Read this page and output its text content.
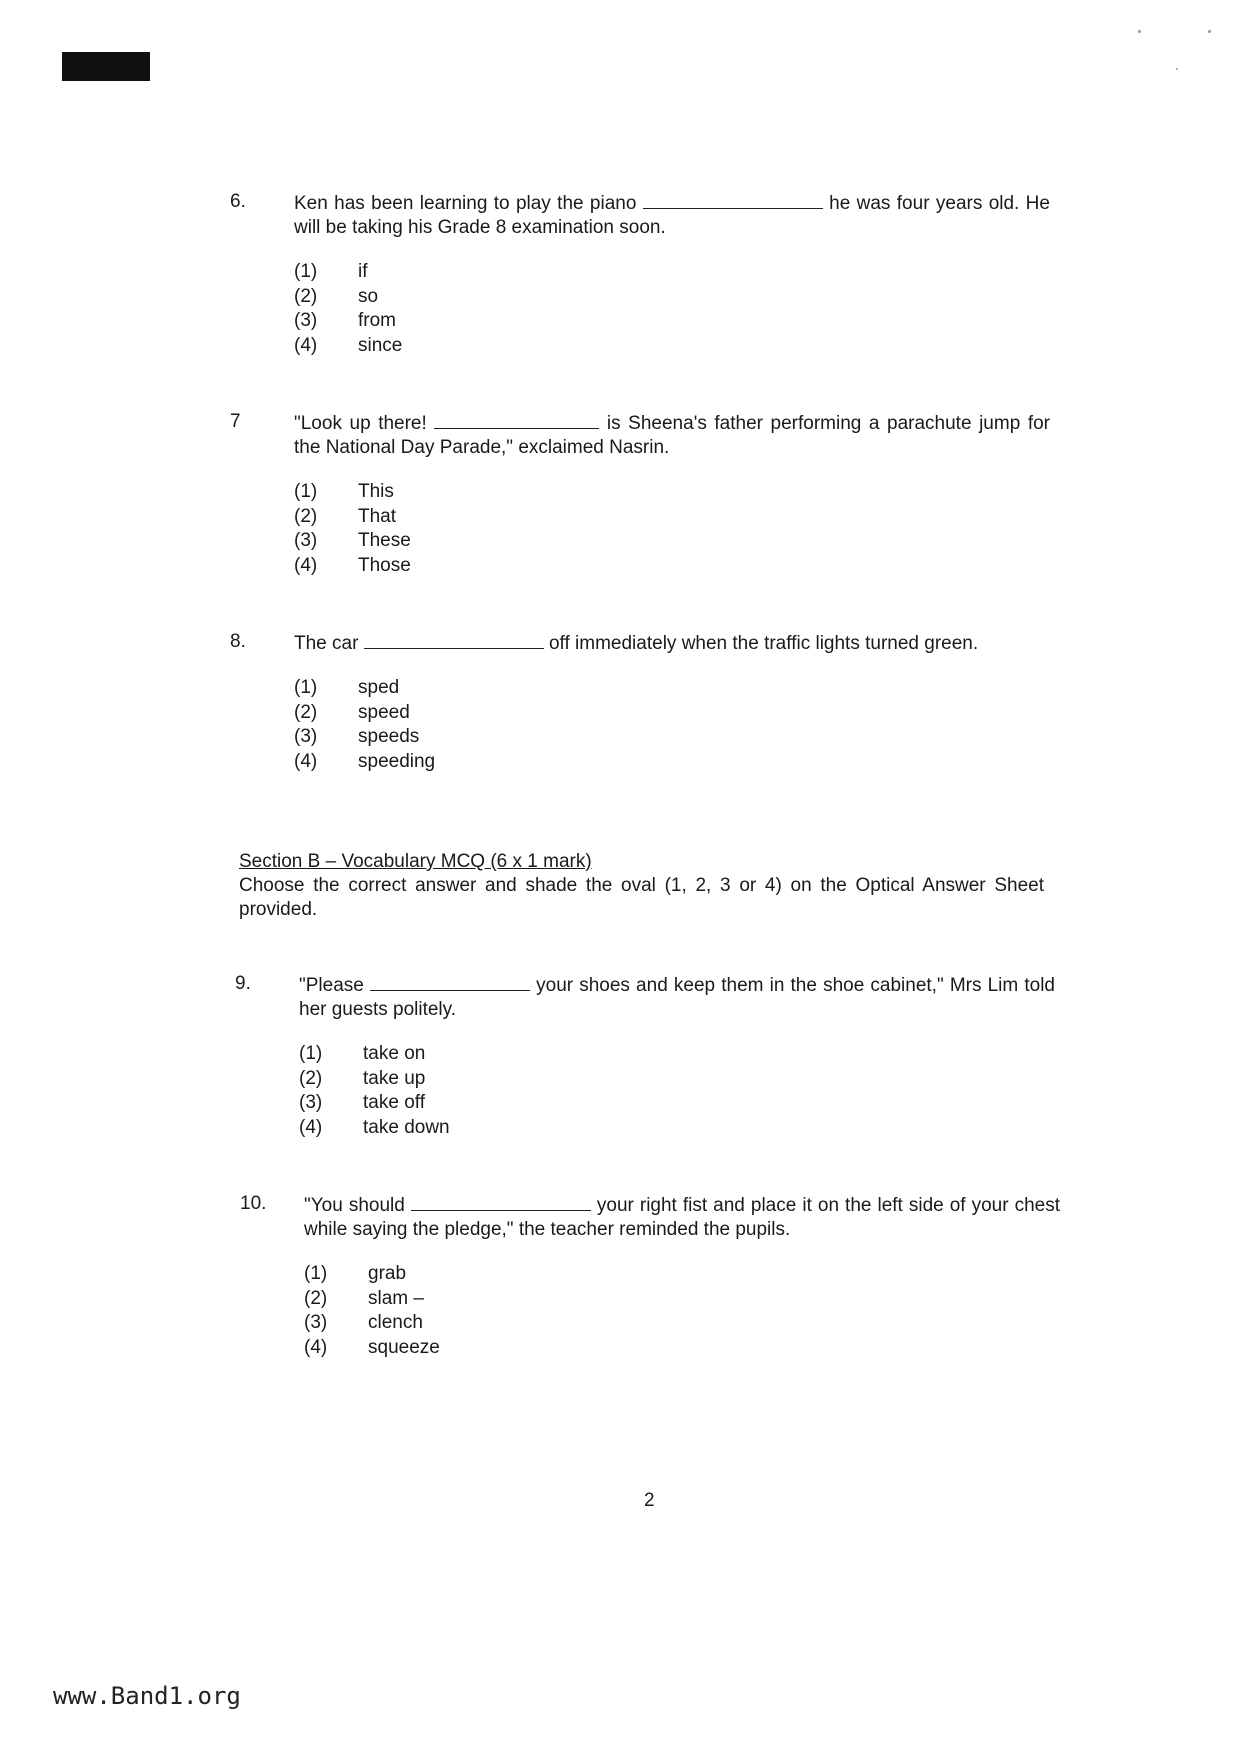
6.	Ken has been learning to play the piano	he was four years old. He will be taking his Grade 8 examination soon.
(1)	if
(2)	so
(3)	from
(4)	since
7	"Look up there!	is Sheena's father performing a parachute jump for the National Day Parade," exclaimed Nasrin.
(1)	This
(2)	That
(3)	These
(4)	Those
8.	The car	off immediately when the traffic lights turned green.
(1)	sped
(2)	speed
(3)	speeds
(4)	speeding
Section B – Vocabulary MCQ (6 x 1 mark)
Choose the correct answer and shade the oval (1, 2, 3 or 4) on the Optical Answer Sheet provided.
9.	"Please	your shoes and keep them in the shoe cabinet," Mrs Lim told her guests politely.
(1)	take on
(2)	take up
(3)	take off
(4)	take down
10.	"You should	your right fist and place it on the left side of your chest while saying the pledge," the teacher reminded the pupils.
(1)	grab
(2)	slam –
(3)	clench
(4)	squeeze
2
www.Band1.org
